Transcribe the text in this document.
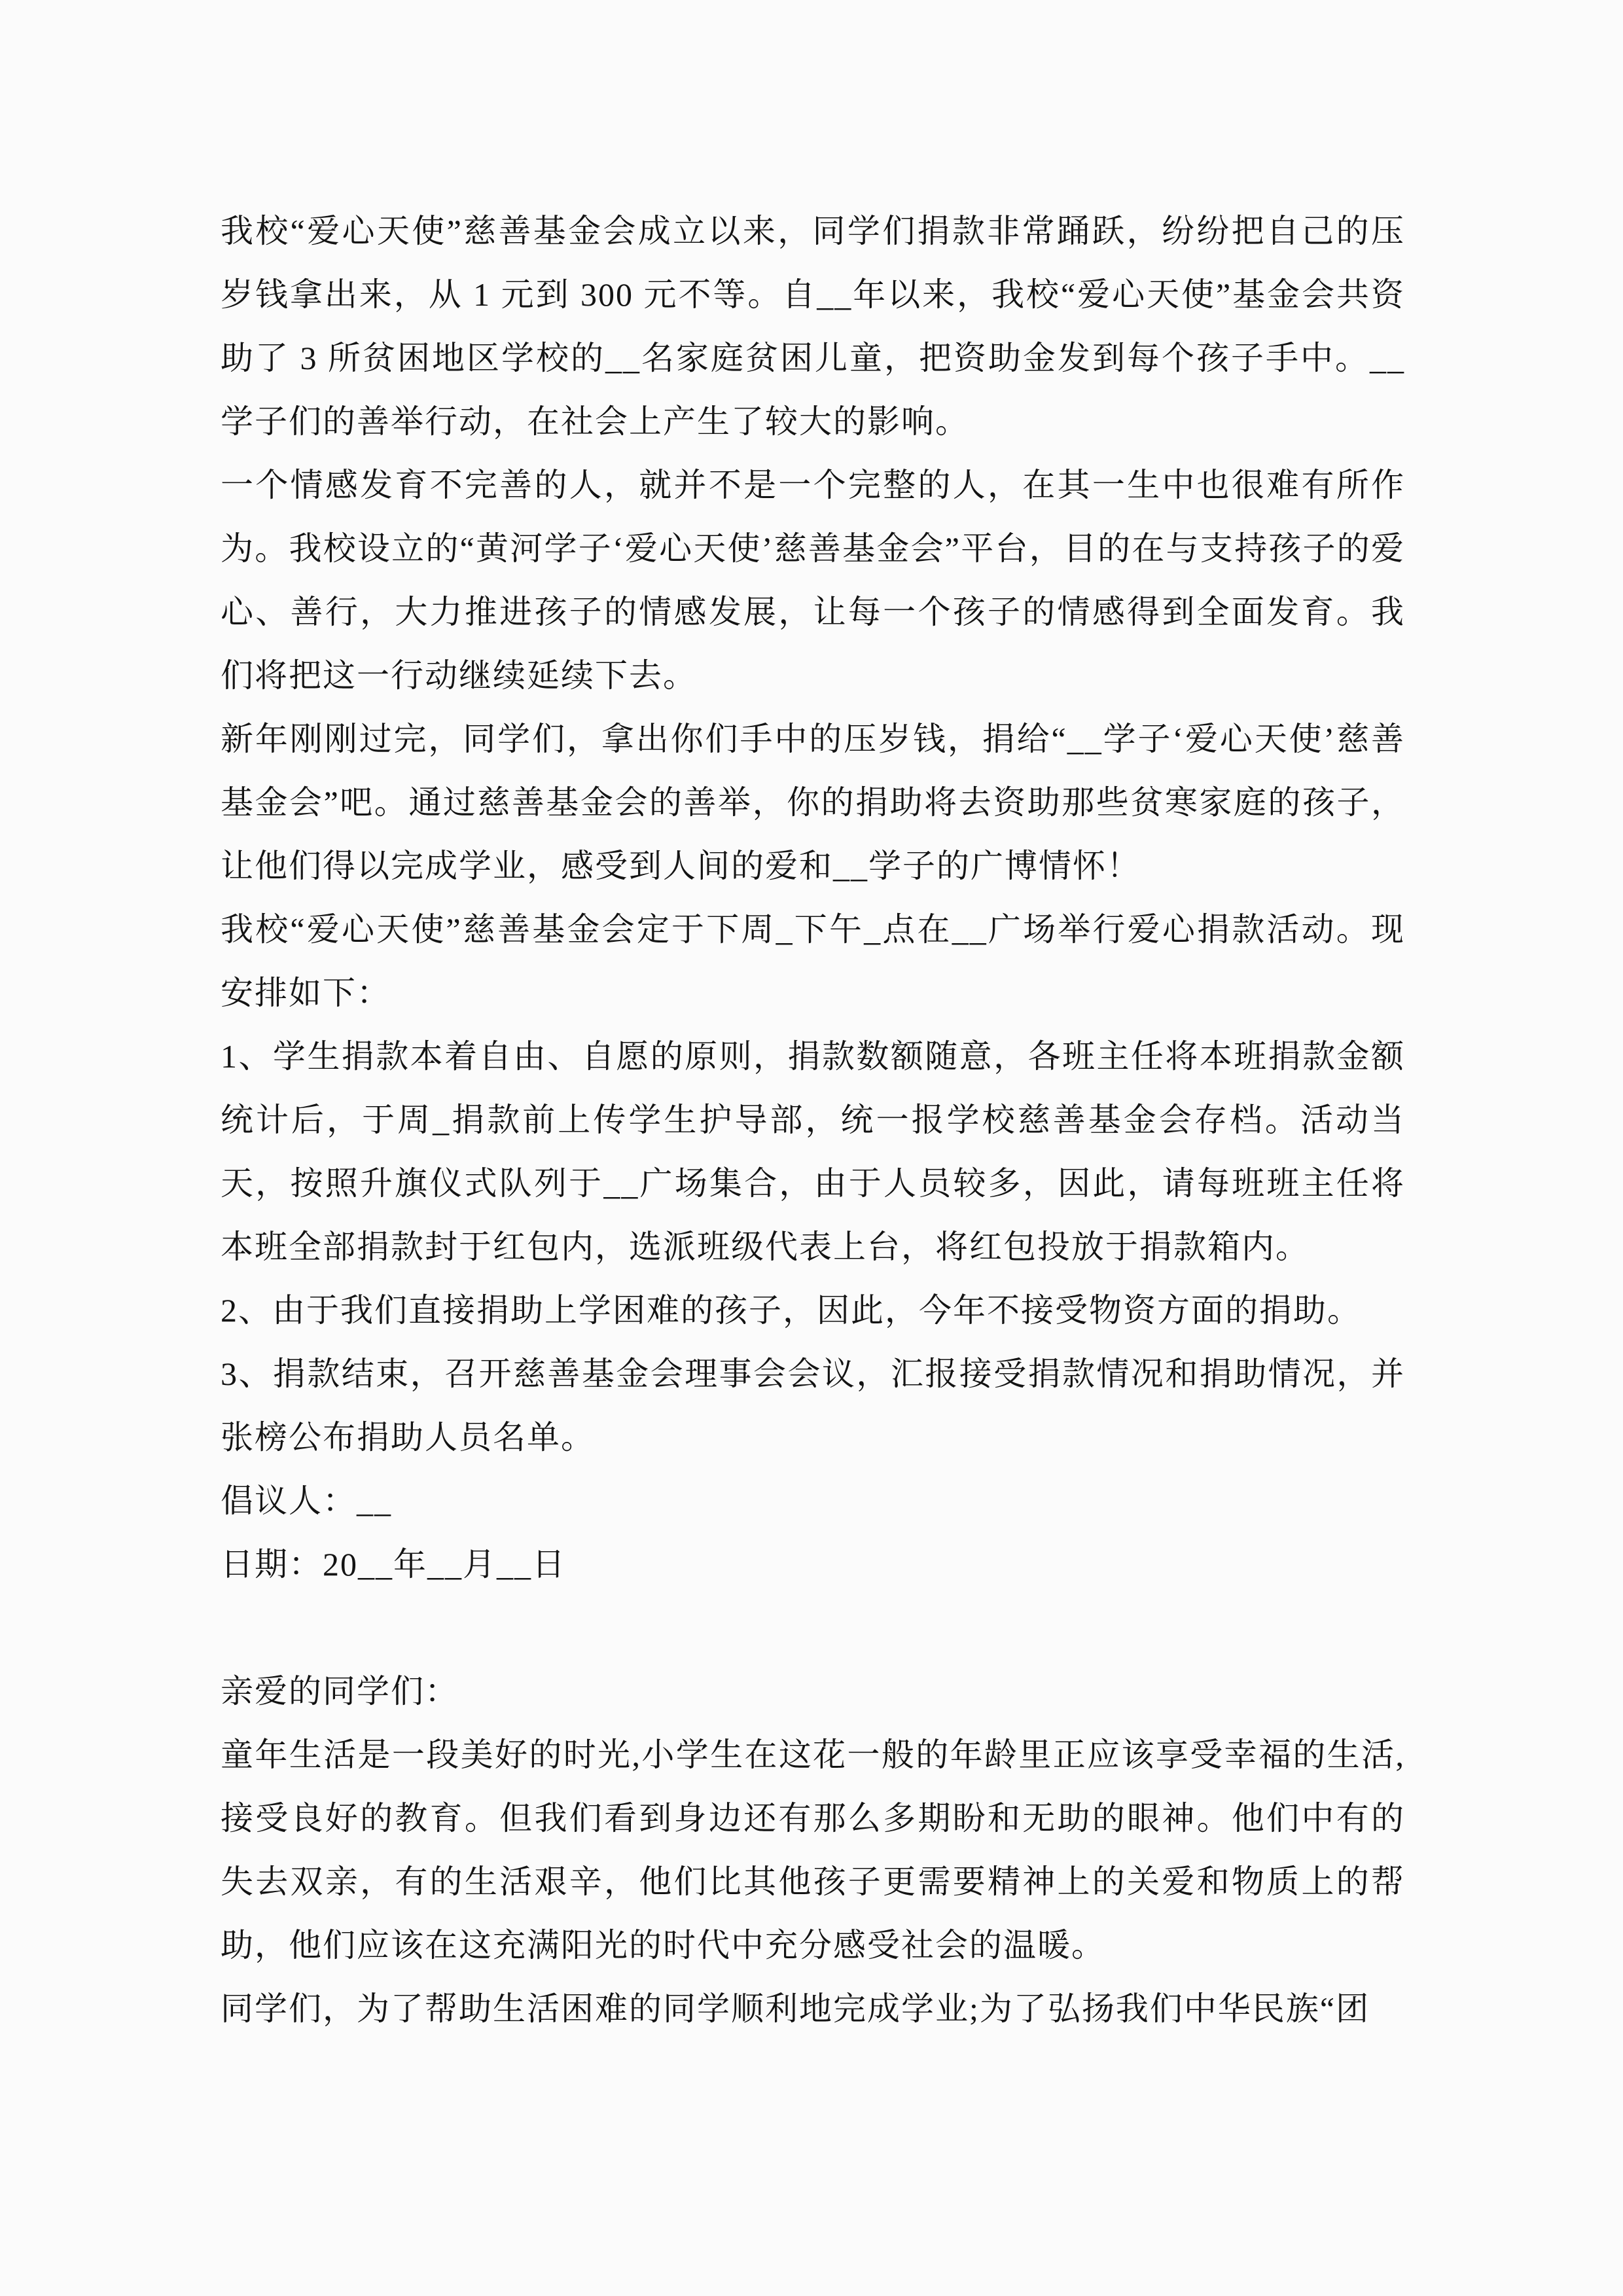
我校“爱心天使”慈善基金会成立以来，同学们捐款非常踊跃，纷纷把自己的压岁钱拿出来，从 1 元到 300 元不等。自__年以来，我校“爱心天使”基金会共资助了 3 所贫困地区学校的__名家庭贫困儿童，把资助金发到每个孩子手中。__学子们的善举行动，在社会上产生了较大的影响。

一个情感发育不完善的人，就并不是一个完整的人，在其一生中也很难有所作为。我校设立的“黄河学子‘爱心天使’慈善基金会”平台，目的在与支持孩子的爱心、善行，大力推进孩子的情感发展，让每一个孩子的情感得到全面发育。我们将把这一行动继续延续下去。

新年刚刚过完，同学们，拿出你们手中的压岁钱，捐给“__学子‘爱心天使’慈善基金会”吧。通过慈善基金会的善举，你的捐助将去资助那些贫寒家庭的孩子，让他们得以完成学业，感受到人间的爱和__学子的广博情怀！

我校“爱心天使”慈善基金会定于下周_下午_点在__广场举行爱心捐款活动。现安排如下：

1、学生捐款本着自由、自愿的原则，捐款数额随意，各班主任将本班捐款金额统计后，于周_捐款前上传学生护导部，统一报学校慈善基金会存档。活动当天，按照升旗仪式队列于__广场集合，由于人员较多，因此，请每班班主任将本班全部捐款封于红包内，选派班级代表上台，将红包投放于捐款箱内。

2、由于我们直接捐助上学困难的孩子，因此，今年不接受物资方面的捐助。

3、捐款结束，召开慈善基金会理事会会议，汇报接受捐款情况和捐助情况，并张榜公布捐助人员名单。

倡议人：__

日期：20__年__月__日

亲爱的同学们：

童年生活是一段美好的时光,小学生在这花一般的年龄里正应该享受幸福的生活,接受良好的教育。但我们看到身边还有那么多期盼和无助的眼神。他们中有的失去双亲，有的生活艰辛，他们比其他孩子更需要精神上的关爱和物质上的帮助，他们应该在这充满阳光的时代中充分感受社会的温暖。

同学们，为了帮助生活困难的同学顺利地完成学业;为了弘扬我们中华民族“团
